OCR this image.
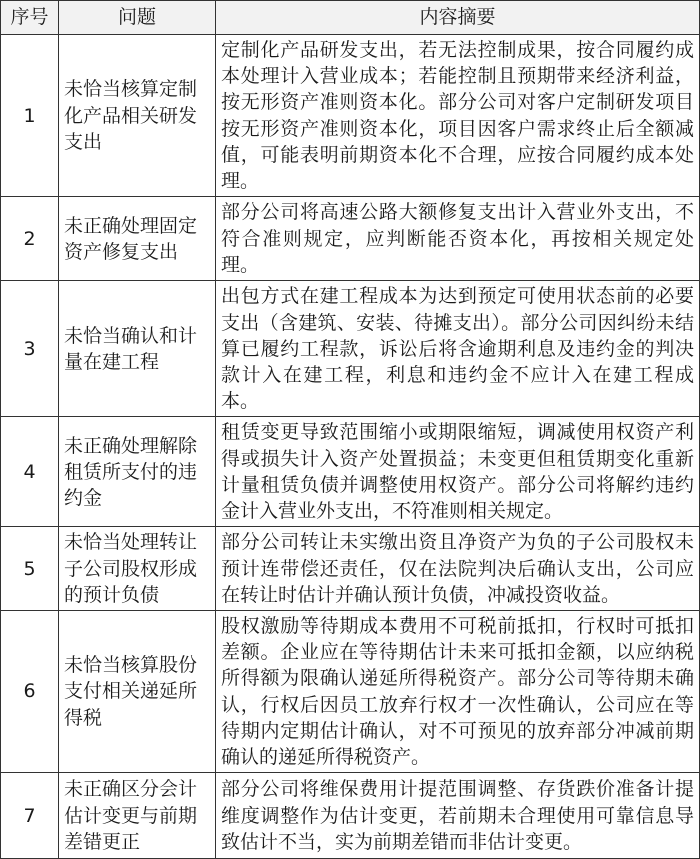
序号	问题	内容摘要
1	未恰当核算定制化产品相关研发支出	定制化产品研发支出，若无法控制成果，按合同履约成本处理计入营业成本；若能控制且预期带来经济利益，按无形资产准则资本化。部分公司对客户定制研发项目按无形资产准则资本化，项目因客户需求终止后全额减值，可能表明前期资本化不合理，应按合同履约成本处理。
2	未正确处理固定资产修复支出	部分公司将高速公路大额修复支出计入营业外支出，不符合准则规定，应判断能否资本化，再按相关规定处理。
3	未恰当确认和计量在建工程	出包方式在建工程成本为达到预定可使用状态前的必要支出（含建筑、安装、待摊支出）。部分公司因纠纷未结算已履约工程款，诉讼后将含逾期利息及违约金的判决款计入在建工程，利息和违约金不应计入在建工程成本。
4	未正确处理解除租赁所支付的违约金	租赁变更导致范围缩小或期限缩短，调减使用权资产利得或损失计入资产处置损益；未变更但租赁期变化重新计量租赁负债并调整使用权资产。部分公司将解约违约金计入营业外支出，不符准则相关规定。
5	未恰当处理转让子公司股权形成的预计负债	部分公司转让未实缴出资且净资产为负的子公司股权未预计连带偿还责任，仅在法院判决后确认支出，公司应在转让时估计并确认预计负债，冲减投资收益。
6	未恰当核算股份支付相关递延所得税	股权激励等待期成本费用不可税前抵扣，行权时可抵扣差额。企业应在等待期估计未来可抵扣金额，以应纳税所得额为限确认递延所得税资产。部分公司等待期未确认，行权后因员工放弃行权才一次性确认，公司应在等待期内定期估计确认，对不可预见的放弃部分冲减前期确认的递延所得税资产。
7	未正确区分会计估计变更与前期差错更正	部分公司将维保费用计提范围调整、存货跌价准备计提维度调整作为估计变更，若前期未合理使用可靠信息导致估计不当，实为前期差错而非估计变更。
